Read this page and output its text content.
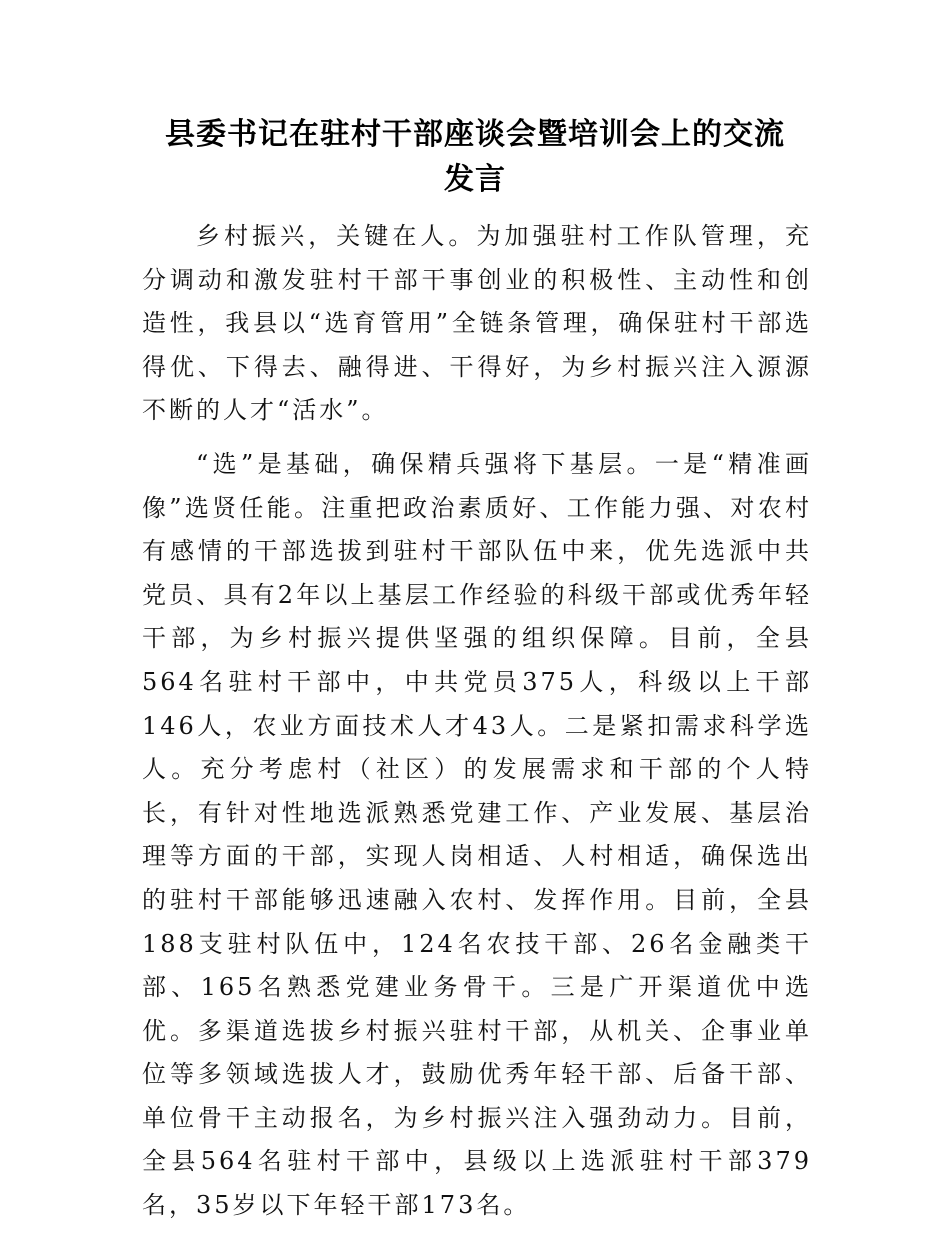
县委书记在驻村干部座谈会暨培训会上的交流
发言

乡村振兴，关键在人。为加强驻村工作队管理，充分调动和激发驻村干部干事创业的积极性、主动性和创造性，我县以“选育管用”全链条管理，确保驻村干部选得优、下得去、融得进、干得好，为乡村振兴注入源源不断的人才“活水”。

“选”是基础，确保精兵强将下基层。一是“精准画像”选贤任能。注重把政治素质好、工作能力强、对农村有感情的干部选拔到驻村干部队伍中来，优先选派中共党员、具有2年以上基层工作经验的科级干部或优秀年轻干部，为乡村振兴提供坚强的组织保障。目前，全县564名驻村干部中，中共党员375人，科级以上干部146人，农业方面技术人才43人。二是紧扣需求科学选人。充分考虑村（社区）的发展需求和干部的个人特长，有针对性地选派熟悉党建工作、产业发展、基层治理等方面的干部，实现人岗相适、人村相适，确保选出的驻村干部能够迅速融入农村、发挥作用。目前，全县188支驻村队伍中，124名农技干部、26名金融类干部、165名熟悉党建业务骨干。三是广开渠道优中选优。多渠道选拔乡村振兴驻村干部，从机关、企事业单位等多领域选拔人才，鼓励优秀年轻干部、后备干部、单位骨干主动报名，为乡村振兴注入强劲动力。目前，全县564名驻村干部中，县级以上选派驻村干部379名，35岁以下年轻干部173名。
